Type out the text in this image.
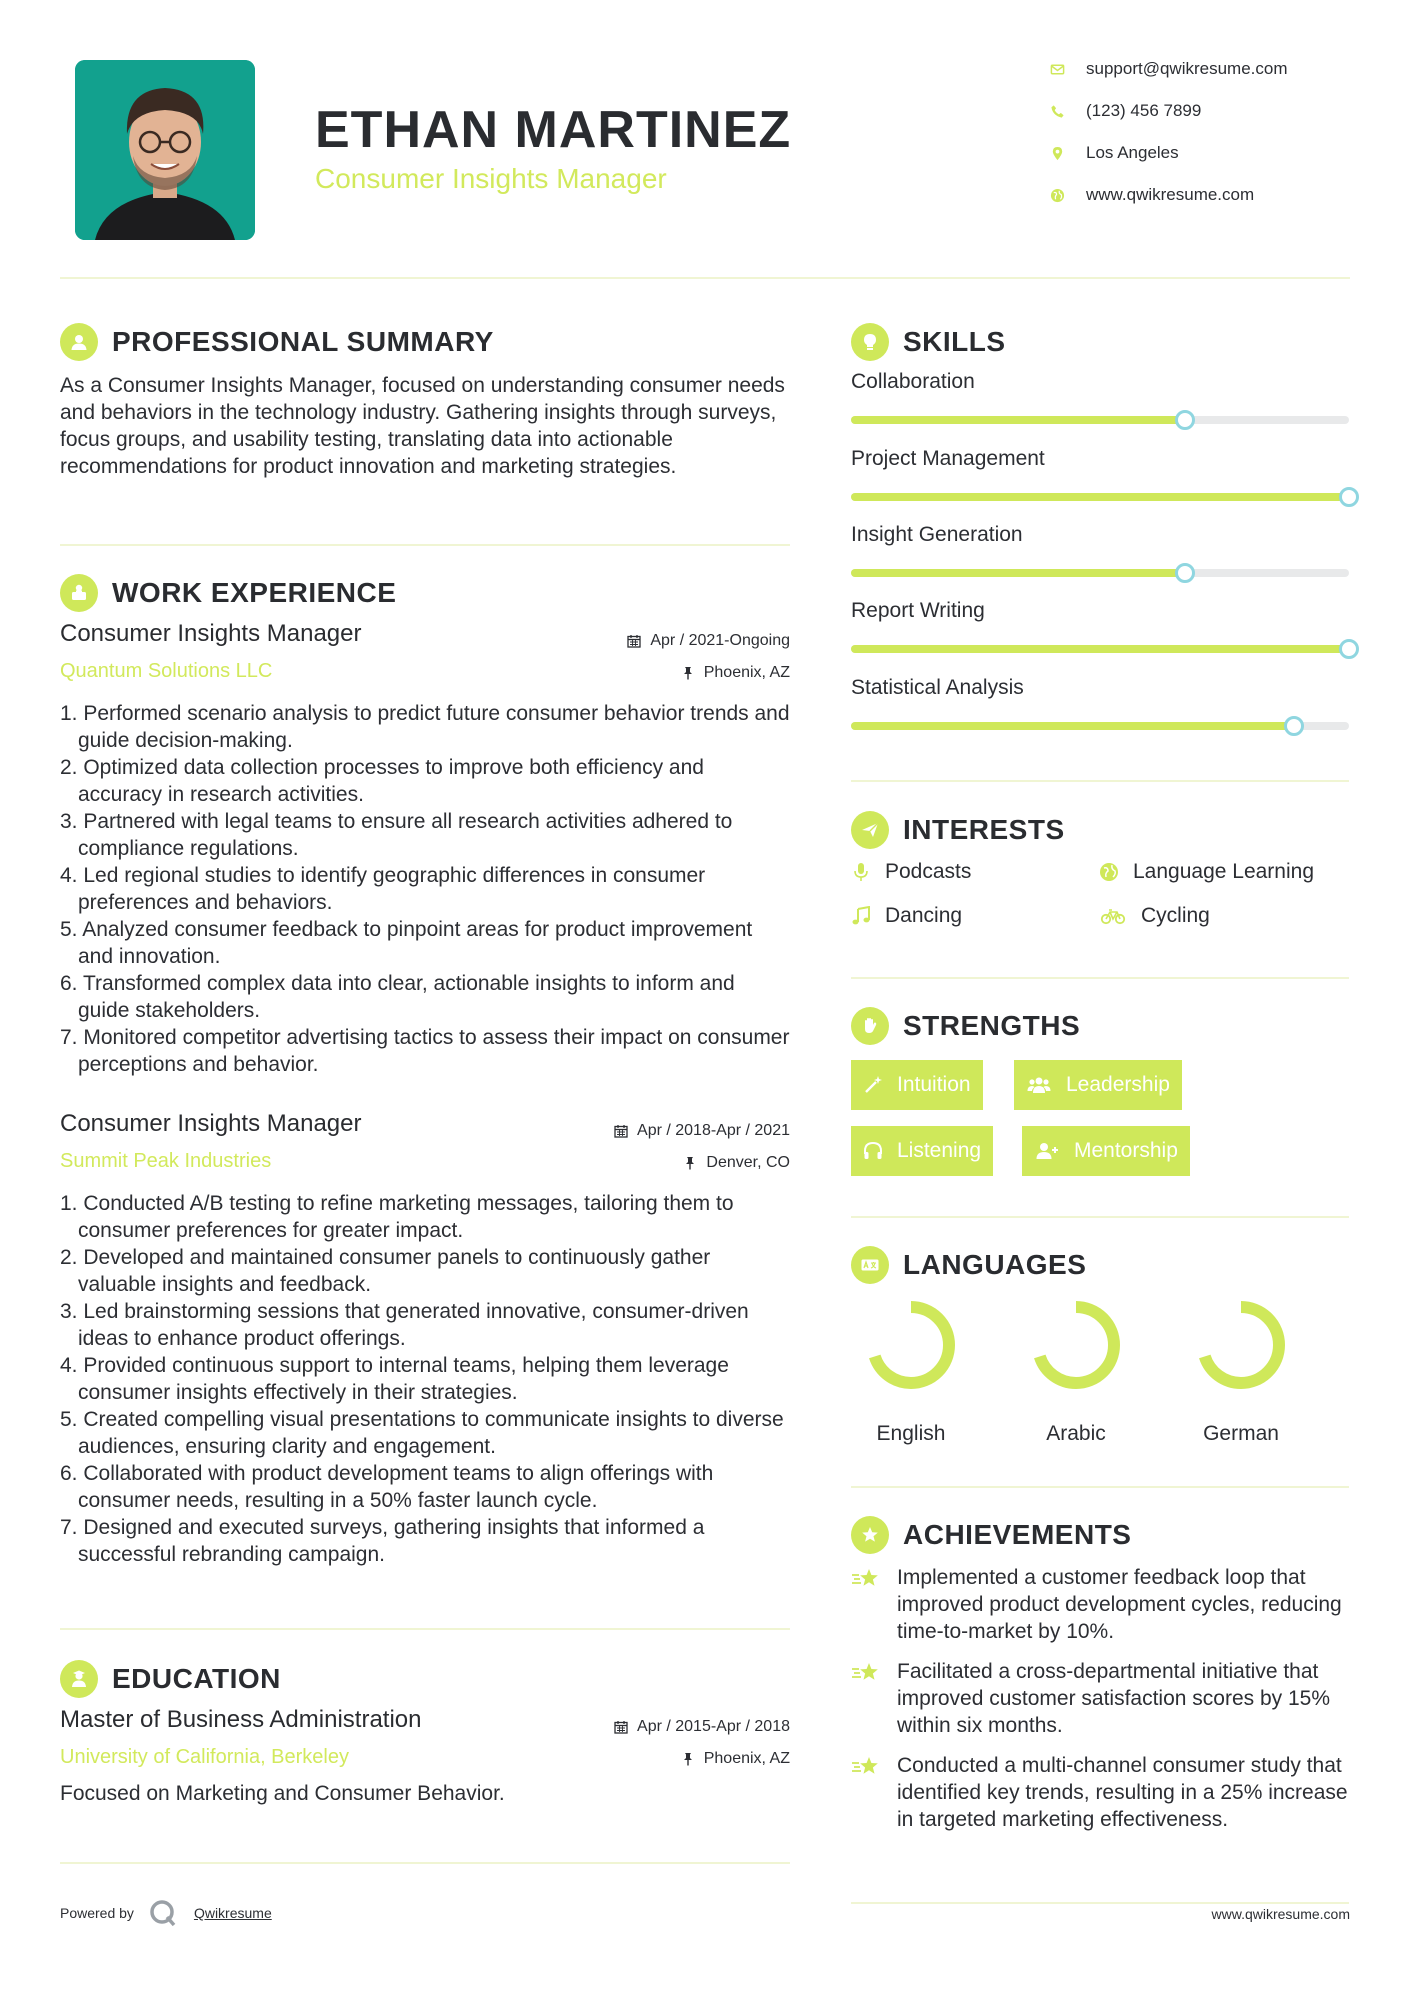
ETHAN MARTINEZ
Consumer Insights Manager
support@qwikresume.com
(123) 456 7899
Los Angeles
www.qwikresume.com
PROFESSIONAL SUMMARY
As a Consumer Insights Manager, focused on understanding consumer needs and behaviors in the technology industry. Gathering insights through surveys, focus groups, and usability testing, translating data into actionable recommendations for product innovation and marketing strategies.
WORK EXPERIENCE
Consumer Insights Manager	Apr / 2021-Ongoing
Quantum Solutions LLC	Phoenix, AZ
1. Performed scenario analysis to predict future consumer behavior trends and guide decision-making.
2. Optimized data collection processes to improve both efficiency and accuracy in research activities.
3. Partnered with legal teams to ensure all research activities adhered to compliance regulations.
4. Led regional studies to identify geographic differences in consumer preferences and behaviors.
5. Analyzed consumer feedback to pinpoint areas for product improvement and innovation.
6. Transformed complex data into clear, actionable insights to inform and guide stakeholders.
7. Monitored competitor advertising tactics to assess their impact on consumer perceptions and behavior.
Consumer Insights Manager	Apr / 2018-Apr / 2021
Summit Peak Industries	Denver, CO
1. Conducted A/B testing to refine marketing messages, tailoring them to consumer preferences for greater impact.
2. Developed and maintained consumer panels to continuously gather valuable insights and feedback.
3. Led brainstorming sessions that generated innovative, consumer-driven ideas to enhance product offerings.
4. Provided continuous support to internal teams, helping them leverage consumer insights effectively in their strategies.
5. Created compelling visual presentations to communicate insights to diverse audiences, ensuring clarity and engagement.
6. Collaborated with product development teams to align offerings with consumer needs, resulting in a 50% faster launch cycle.
7. Designed and executed surveys, gathering insights that informed a successful rebranding campaign.
EDUCATION
Master of Business Administration	Apr / 2015-Apr / 2018
University of California, Berkeley	Phoenix, AZ
Focused on Marketing and Consumer Behavior.
SKILLS
Collaboration
Project Management
Insight Generation
Report Writing
Statistical Analysis
INTERESTS
Podcasts	Language Learning
Dancing	Cycling
STRENGTHS
Intuition	Leadership
Listening	Mentorship
LANGUAGES
English	Arabic	German
ACHIEVEMENTS
Implemented a customer feedback loop that improved product development cycles, reducing time-to-market by 10%.
Facilitated a cross-departmental initiative that improved customer satisfaction scores by 15% within six months.
Conducted a multi-channel consumer study that identified key trends, resulting in a 25% increase in targeted marketing effectiveness.
Powered by	Qwikresume	www.qwikresume.com
